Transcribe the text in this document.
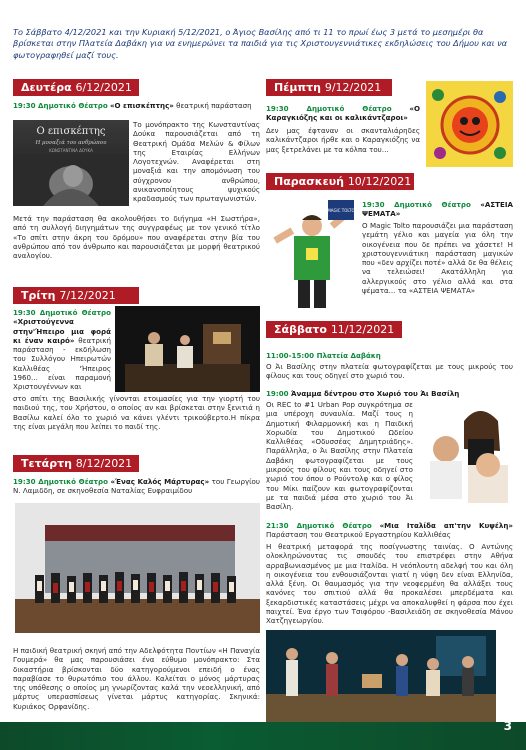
Το Σάββατο 4/12/2021 και την Κυριακή 5/12/2021, ο Άγιος Βασίλης από τι 11 το πρωί έως 3 μετά το μεσημέρι θα βρίσκεται στην Πλατεία Δαβάκη για να ενημερώνει τα παιδιά για τις Χριστουγεννιάτικες εκδηλώσεις του Δήμου και να φωτογραφηθεί μαζί τους.
Δευτέρα 6/12/2021
19:30 Δημοτικό Θέατρο «Ο επισκέπτης» θεατρική παράσταση
Ο επισκέπτης
Η μοναξιά του ανθρώπου
ΚΩΝΣΤΑΝΤΙΝΑ ΔΟΥΚΑ
Το μονόπρακτο της Κωνσταντίνας Δούκα παρουσιάζεται από τη Θεατρική Ομάδα Μελών & Φίλων της Εταιρίας Ελλήνων Λογοτεχνών. Αναφέρεται στη μοναξιά και την απομόνωση του σύγχρονου ανθρώπου, ανικανοποίητους ψυχικούς κραδασμούς των πρωταγωνιστών.
Μετά την παράσταση θα ακολουθήσει το διήγημα «Η Σωστήρα», από τη συλλογή διηγημάτων της συγγραφέως με τον γενικό τίτλο «Το σπίτι στην άκρη του δρόμου» που αναφέρεται στην βία του ανθρώπου από τον άνθρωπο και παρουσιάζεται με μορφή θεατρικού αναλογίου.
Τρίτη 7/12/2021
19:30 Δημοτικό Θέατρο «Χριστούγεννα στην'Ήπειρο μια φορά κι έναν καιρό» θεατρική παράσταση - εκδήλωση του Συλλόγου Ηπειρωτών Καλλιθέας 'Ήπειρος 1960... είναι παραμονή Χριστουγέννων και
στο σπίτι της Βασιλικής γίνονται ετοιμασίες για την γιορτή του παιδιού της, του Χρήστου, ο οποίος αν και βρίσκεται στην ξενιτιά η Βασίλω καλεί όλο το χωριό να κάνει γλέντι τρικούβερτο.Η πίκρα της είναι μεγάλη που λείπει το παιδί της.
Τετάρτη 8/12/2021
19:30 Δημοτικό Θέατρο «Ένας Καλός Μάρτυρας» του Γεωργίου Ν. Λαμιδδη, σε σκηνοθεσία Ναταλίας Ευφραιμίδου
Η παιδική θεατρική σκηνή από την Αδελφότητα Ποντίων «Η Παναγία Γουμερά» θα μας παρουσιάσει ένα εύθυμο μονόπρακτο: Στα δικαστήρια βρίσκονται δύο κατηγορούμενοι επειδή ο ένας παραβίασε το θυρωτόπιο του άλλου. Καλείται ο μόνος μάρτυρας της υπόθεσης ο οποίος μη γνωρίζοντας καλά την νεοελληνική, από μάρτυς υπερασπίσεως γίνεται μάρτυς κατηγορίας. Σκηνικά: Κυριάκος Ορφανίδης.
Πέμπτη 9/12/2021
19:30 Δημοτικό Θέατρο «Ο Καραγκιόζης και οι καλικάντζαροι»
Δεν μας έφταναν οι σκανταλιάρηδες καλικάντζαροι ήρθε και ο Καραγκιόζης να μας ξετρελάνει με τα κόλπα του…
Παρασκευή 10/12/2021
MAGIC TOLTO
19:30 Δημοτικό Θέατρο «ΑΣΤΕΙΑ ΨΕΜΑΤΑ»
Ο Magic Tolto παρουσιάζει μια παράσταση γεμάτη γέλιο και μαγεία για όλη την οικογένεια που δε πρέπει να χάσετε! Η χριστουγεννιάτικη παράσταση μαγικών που «δεν αρχίζει ποτέ» αλλά δε θα θέλεις να τελειώσει! Ακατάλληλη για αλλεργικούς στο γέλιο αλλά και στα ψέματα... τα «ΑΣΤΕΙΑ ΨΕΜΑΤΑ»
Σάββατο 11/12/2021
11:00-15:00 Πλατεία Δαβάκη
Ο Άι Βασίλης στην πλατεία φωτογραφίζεται με τους μικρούς του φίλους και τους οδηγεί στο χωριό του.
19:00 Άναμμα δέντρου στο Χωριό του Άι Βασίλη
Οι REC to #1 Urban Pop συγκρότημα σε μια υπέροχη συναυλία. Μαζί τους η Δημοτική Φιλαρμονική και η Παιδική Χορωδία του Δημοτικού Ωδείου Καλλιθέας «Οδυσσέας Δημητριάδης». Παράλληλα, ο Άι Βασίλης στην Πλατεία Δαβάκη φωτογραφίζεται με τους μικρούς του φίλους και τους οδηγεί στο χωριό του όπου ο Ρούντολφ και ο φίλος του Μίκι παίζουν και φωτογραφίζονται με τα παιδιά μέσα στο χωριό του Άι Βασίλη.
21:30 Δημοτικό Θέατρο «Μια Ιταλίδα απ'την Κυψέλη» Παράσταση του Θεατρικού Εργαστηρίου Καλλιθέας
Η θεατρική μεταφορά της ποσίγνωστης ταινίας. Ο Αντώνης ολοκληρώνοντας τις σπουδές του επιστρέφει στην Αθήνα αρραβωνιασμένος με μια Ιταλίδα. Η νεόπλουτη αδελφή του και όλη η οικογένεια του ενθουσιάζονται γιατί η νύφη δεν είναι Ελληνίδα, αλλά ξένη. Οι θαυμασμός για την νεοφερμένη θα αλλάξει τους κανόνες του σπιτιού αλλά θα προκαλέσει μπερδέματα και ξεκαρδιστικές καταστάσεις μέχρι να αποκαλυφθεί η φάρσα που έχει παιχτεί. Ένα έργο των Τσιφόρου -Βασιλειάδη σε σκηνοθεσία Μάνου Χατζηγεωργίου.
3
